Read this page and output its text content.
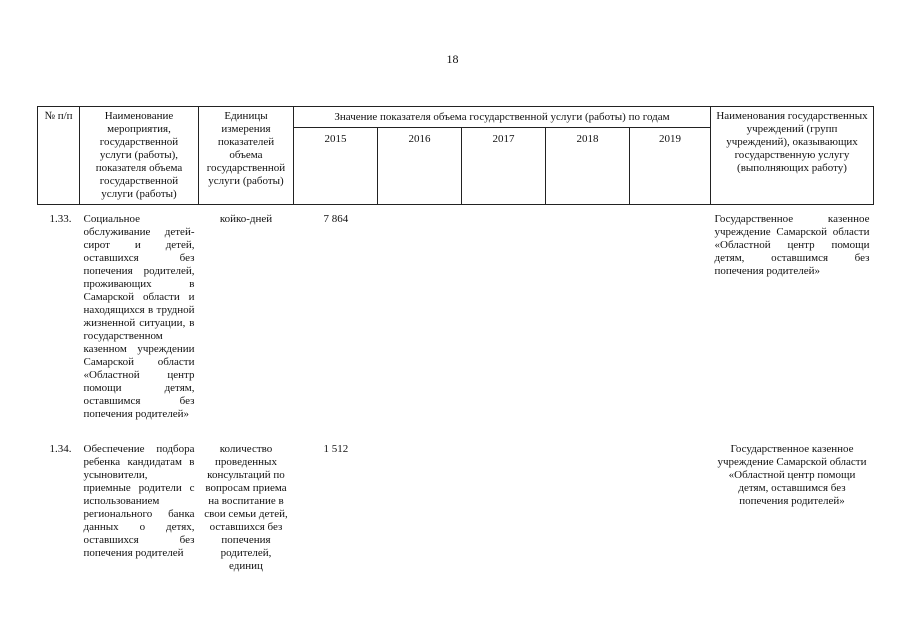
18
№ п/п	Наименование мероприятия, государственной услуги (работы), показателя объема государственной услуги (работы)	Единицы измерения показателей объема государственной услуги (работы)	Значение показателя объема государственной услуги (работы) по годам					Наименования государственных учреждений (групп учреждений), оказывающих государственную услугу (выполняющих работу)
			2015	2016	2017	2018	2019	
1.33.	Социальное обслуживание детей-сирот и детей, оставшихся без попечения родителей, проживающих в Самарской области и находящихся в трудной жизненной ситуации, в государственном казенном учреждении Самарской области «Областной центр помощи детям, оставшимся без попечения родителей»	койко-дней	7 864					Государственное казенное учреждение Самарской области «Областной центр помощи детям, оставшимся без попечения родителей»
1.34.	Обеспечение подбора ребенка кандидатам в усыновители, приемные родители с использованием регионального банка данных о детях, оставшихся без попечения родителей	количество проведенных консультаций по вопросам приема на воспитание в свои семьи детей, оставшихся без попечения родителей, единиц	1 512					Государственное казенное учреждение Самарской области «Областной центр помощи детям, оставшимся без попечения родителей»
